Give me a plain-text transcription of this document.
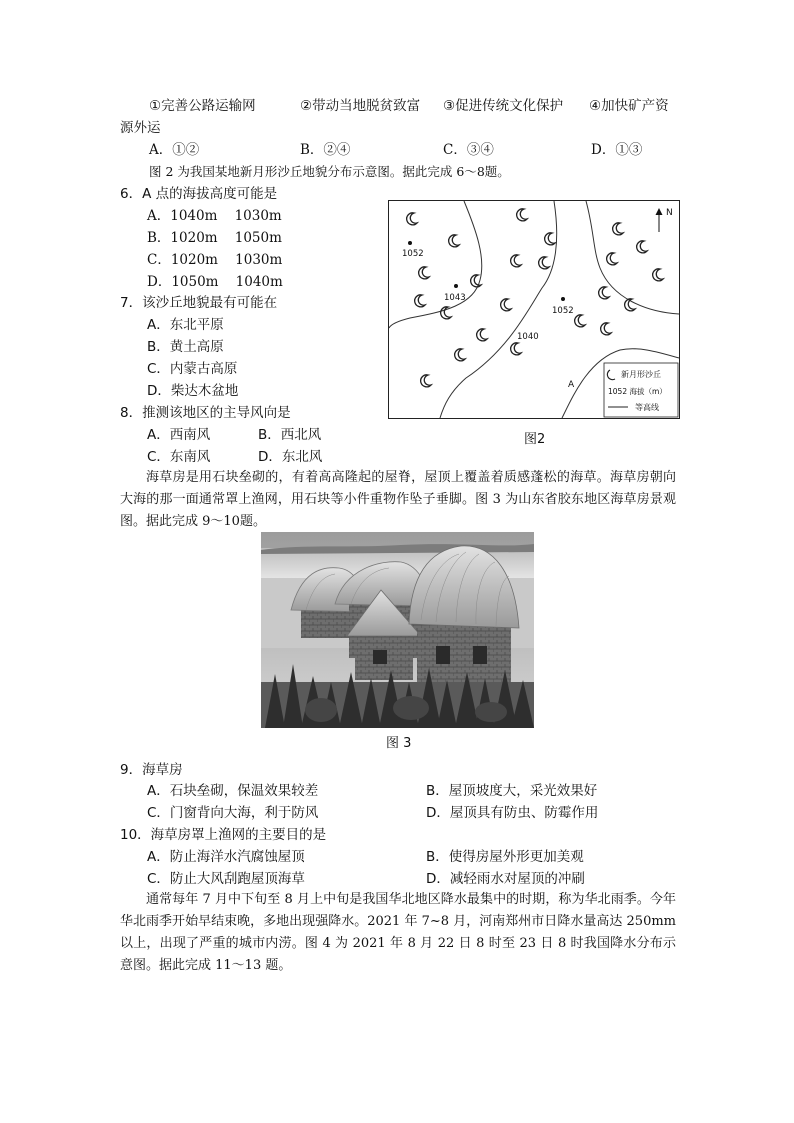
①完善公路运输网	②带动当地脱贫致富 ③促进传统文化保护 ④加快矿产资
源外运
A．①②	B．②④	C．③④	D．①③
图 2 为我国某地新月形沙丘地貌分布示意图。据此完成 6～8题。
6．A 点的海拔高度可能是
A．1040m    1030m
B．1020m    1050m
C．1020m    1030m
D．1050m    1040m
7．该沙丘地貌最有可能在
A．东北平原
B．黄土高原
C．内蒙古高原
D．柴达木盆地
8．推测该地区的主导风向是
A．西南风	B．西北风
C．东南风	D．东北风
1052
1043
1052
1040
A
N
新月形沙丘
1052 海拔（m）
等高线
图2

海草房是用石块垒砌的，有着高高隆起的屋脊，屋顶上覆盖着质感蓬松的海草。海草房朝向大海的那一面通常罩上渔网，用石块等小件重物作坠子垂脚。图 3 为山东省胶东地区海草房景观图。据此完成 9～10题。

图 3
9．海草房
A．石块垒砌，保温效果较差	B．屋顶坡度大，采光效果好
C．门窗背向大海，利于防风	D．屋顶具有防虫、防霉作用
10．海草房罩上渔网的主要目的是
A．防止海洋水汽腐蚀屋顶	B．使得房屋外形更加美观
C．防止大风刮跑屋顶海草	D．减轻雨水对屋顶的冲刷

通常每年 7 月中下旬至 8 月上中旬是我国华北地区降水最集中的时期，称为华北雨季。今年华北雨季开始早结束晚，多地出现强降水。2021 年 7~8 月，河南郑州市日降水量高达 250mm 以上，出现了严重的城市内涝。图 4 为 2021 年 8 月 22 日 8 时至 23 日 8 时我国降水分布示意图。据此完成 11～13 题。
